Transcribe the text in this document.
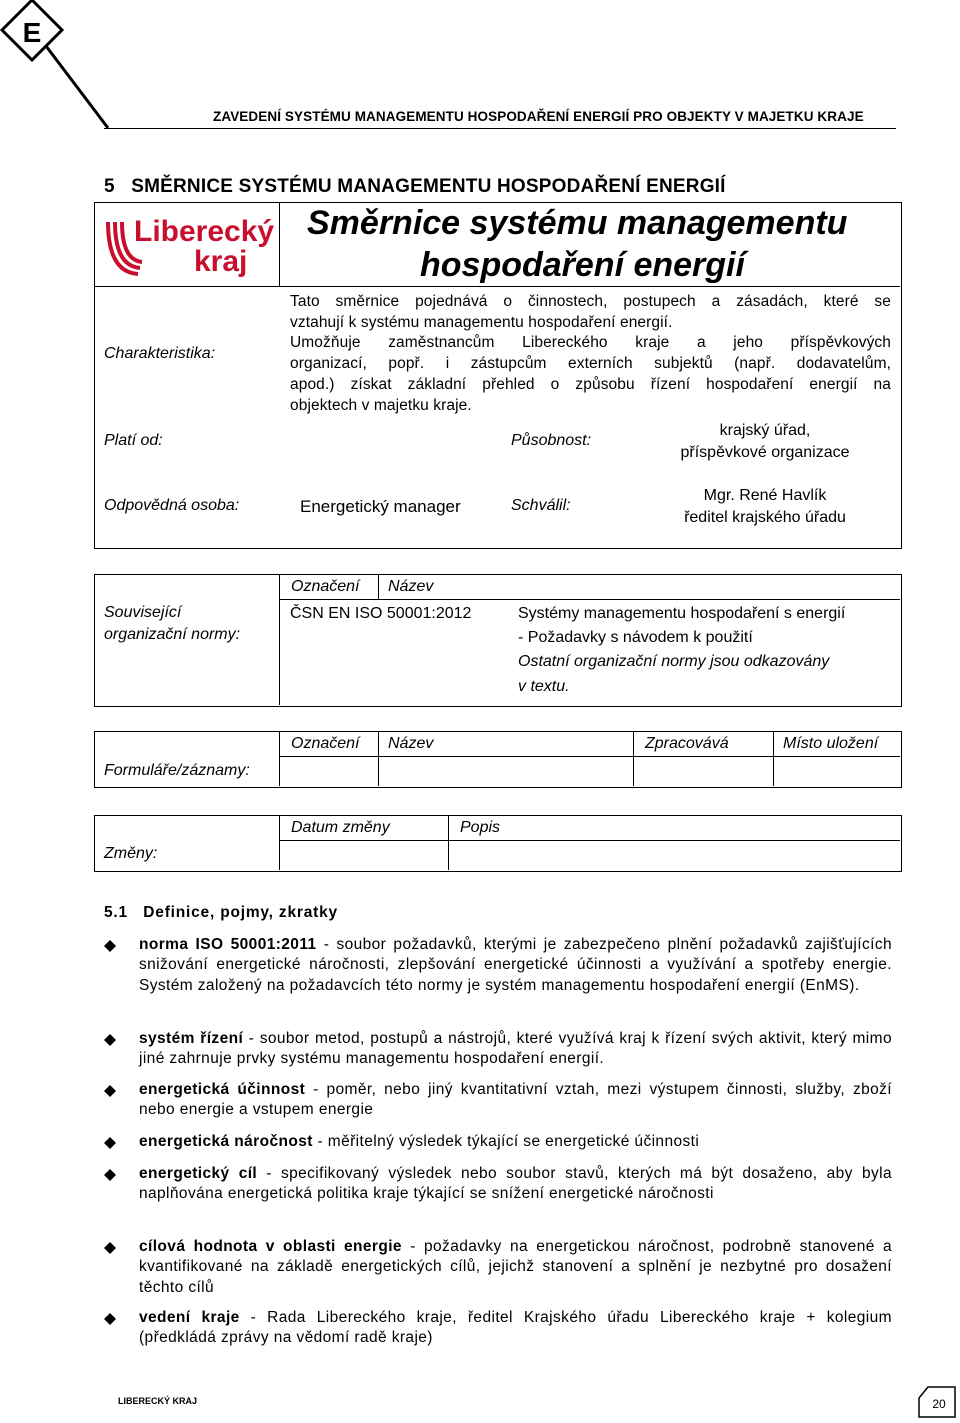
E
ZAVEDENÍ SYSTÉMU MANAGEMENTU HOSPODAŘENÍ ENERGIÍ PRO OBJEKTY V MAJETKU KRAJE
5 SMĚRNICE SYSTÉMU MANAGEMENTU HOSPODAŘENÍ ENERGIÍ
Liberecký
kraj
Směrnice systému managementu
hospodaření energií
Charakteristika:

Tato směrnice pojednává o činnostech, postupech a zásadách, které se

vztahují k systému managementu hospodaření energií.

Umožňuje zaměstnancům Libereckého kraje a jeho příspěvkových

organizací, popř. i zástupcům externích subjektů (např. dodavatelům,

apod.) získat základní přehled o způsobu řízení hospodaření energií na

objektech v majetku kraje.

Platí od:	Působnost:
krajský úřad,
příspěvkové organizace
Odpovědná osoba:	Energetický manager	Schválil:
Mgr. René Havlík
ředitel krajského úřadu
Označení Název
Související
organizační normy:
ČSN EN ISO 50001:2012	Systémy managementu hospodaření s energií
- Požadavky s návodem k použití
Ostatní organizační normy jsou odkazovány
v textu.
Označení Název	Zpracovává	Místo uložení
Formuláře/záznamy:
Datum změny	Popis
Změny:
5.1 Definice, pojmy, zkratky
norma ISO 50001:2011 - soubor požadavků, kterými je zabezpečeno plnění požadavků zajišťujících snižování energetické náročnosti, zlepšování energetické účinnosti a využívání a spotřeby energie. Systém založený na požadavcích této normy je systém managementu hospodaření energií (EnMS).
systém řízení - soubor metod, postupů a nástrojů, které využívá kraj k řízení svých aktivit, který mimo jiné zahrnuje prvky systému managementu hospodaření energií.
energetická účinnost - poměr, nebo jiný kvantitativní vztah, mezi výstupem činnosti, služby, zboží nebo energie a vstupem energie
energetická náročnost - měřitelný výsledek týkající se energetické účinnosti
energetický cíl - specifikovaný výsledek nebo soubor stavů, kterých má být dosaženo, aby byla naplňována energetická politika kraje týkající se snížení energetické náročnosti
cílová hodnota v oblasti energie - požadavky na energetickou náročnost, podrobně stanovené a kvantifikované na základě energetických cílů, jejichž stanovení a splnění je nezbytné pro dosažení těchto cílů
vedení kraje - Rada Libereckého kraje, ředitel Krajského úřadu Libereckého kraje + kolegium (předkládá zprávy na vědomí radě kraje)
LIBERECKÝ KRAJ	20
